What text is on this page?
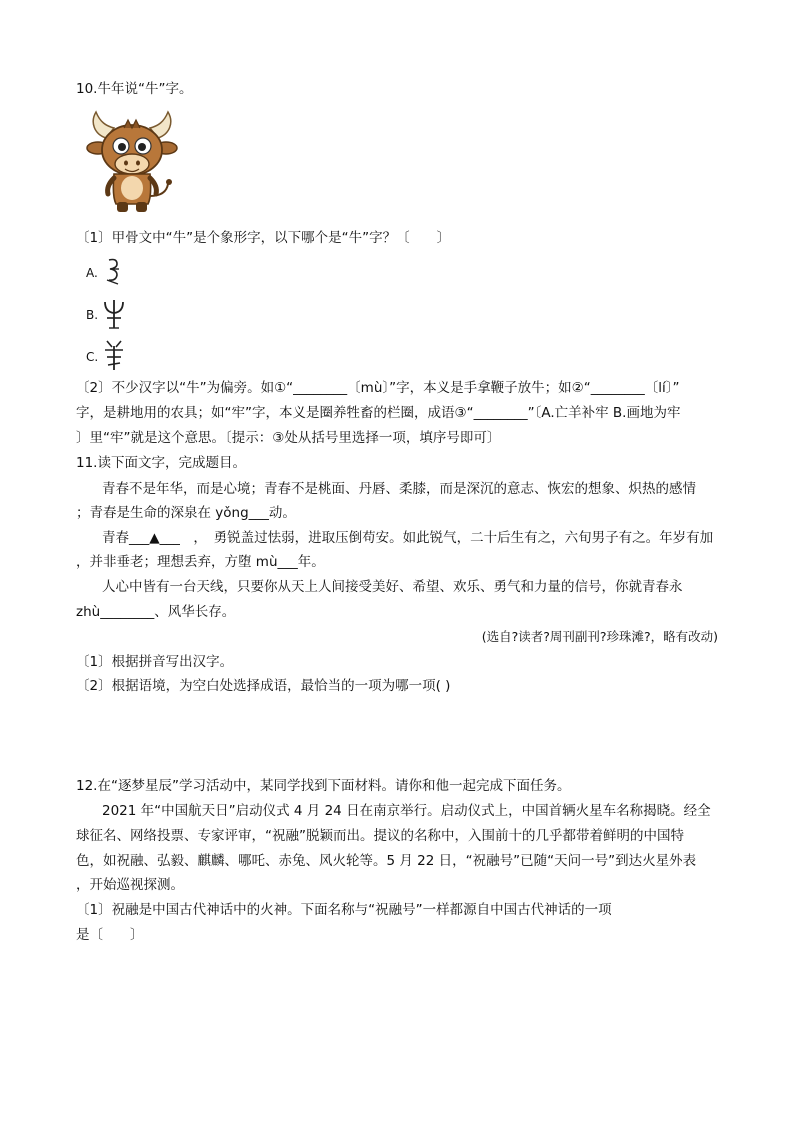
10.牛年说“牛”字。
〔1〕甲骨文中“牛”是个象形字，以下哪个是“牛”字？〔　　〕
A.
B.
C.
〔2〕不少汉字以“牛”为偏旁。如①“________〔mù〕”字，本义是手拿鞭子放牛；如②“________〔lí〕”
字，是耕地用的农具；如“牢”字，本义是圈养牲畜的栏圈，成语③“________”〔A.亡羊补牢 B.画地为牢
〕里“牢”就是这个意思。〔提示：③处从括号里选择一项，填序号即可〕
11.读下面文字，完成题目。
青春不是年华，而是心境；青春不是桃面、丹唇、柔膝，而是深沉的意志、恢宏的想象、炽热的感情
；青春是生命的深泉在 yǒng___动。
青春___▲___　，　勇锐盖过怯弱，进取压倒苟安。如此锐气，二十后生有之，六旬男子有之。年岁有加
，并非垂老；理想丢弃，方堕 mù___年。
人心中皆有一台天线，只要你从天上人间接受美好、希望、欢乐、勇气和力量的信号，你就青春永
zhù________、风华长存。
(选自?读者?周刊副刊?珍珠滩?，略有改动)
〔1〕根据拼音写出汉字。
〔2〕根据语境，为空白处选择成语，最恰当的一项为哪一项( )
12.在“逐梦星辰”学习活动中，某同学找到下面材料。请你和他一起完成下面任务。
2021 年“中国航天日”启动仪式 4 月 24 日在南京举行。启动仪式上，中国首辆火星车名称揭晓。经全
球征名、网络投票、专家评审，“祝融”脱颖而出。提议的名称中，入围前十的几乎都带着鲜明的中国特
色，如祝融、弘毅、麒麟、哪吒、赤兔、风火轮等。5 月 22 日，“祝融号”已随“天问一号”到达火星外表
，开始巡视探测。
〔1〕祝融是中国古代神话中的火神。下面名称与“祝融号”一样都源自中国古代神话的一项
是〔　　〕
